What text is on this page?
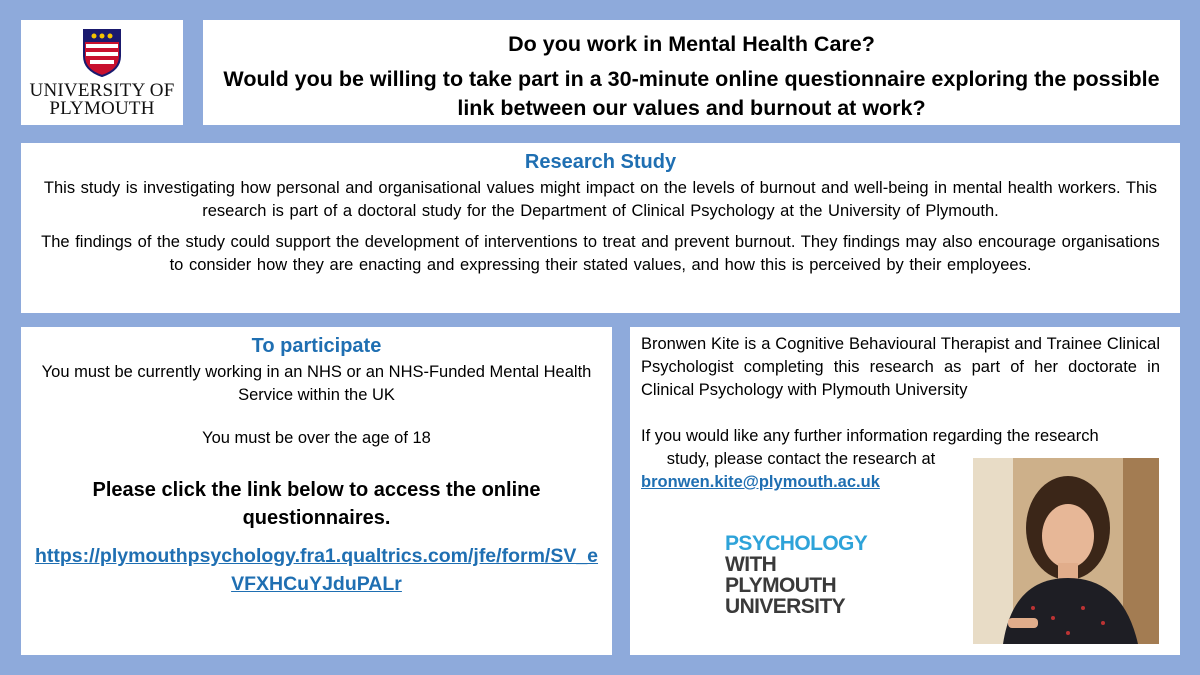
UNIVERSITY OF
PLYMOUTH
Do you work in Mental Health Care?
Would you be willing to take part in a 30-minute online questionnaire exploring the possible link between our values and burnout at work?
Research Study

This study is investigating how personal and organisational values might impact on the levels of burnout and well-being in mental health workers. This research is part of a doctoral study for the Department of Clinical Psychology at the University of Plymouth.

The findings of the study could support the development of interventions to treat and prevent burnout. They findings may also encourage organisations to consider how they are enacting and expressing their stated values, and how this is perceived by their employees.

To participate
You must be currently working in an NHS or an NHS-Funded Mental Health Service within the UK
You must be over the age of 18
Please click the link below to access the online questionnaires.
https://plymouthpsychology.fra1.qualtrics.com/jfe/form/SV_eVFXHCuYJduPALr
Bronwen Kite is a Cognitive Behavioural Therapist and Trainee Clinical Psychologist completing this research as part of her doctorate in Clinical Psychology with Plymouth University
If you would like any further information regarding the research
study, please contact the research at
bronwen.kite@plymouth.ac.uk
PSYCHOLOGY
WITH
PLYMOUTH
UNIVERSITY
